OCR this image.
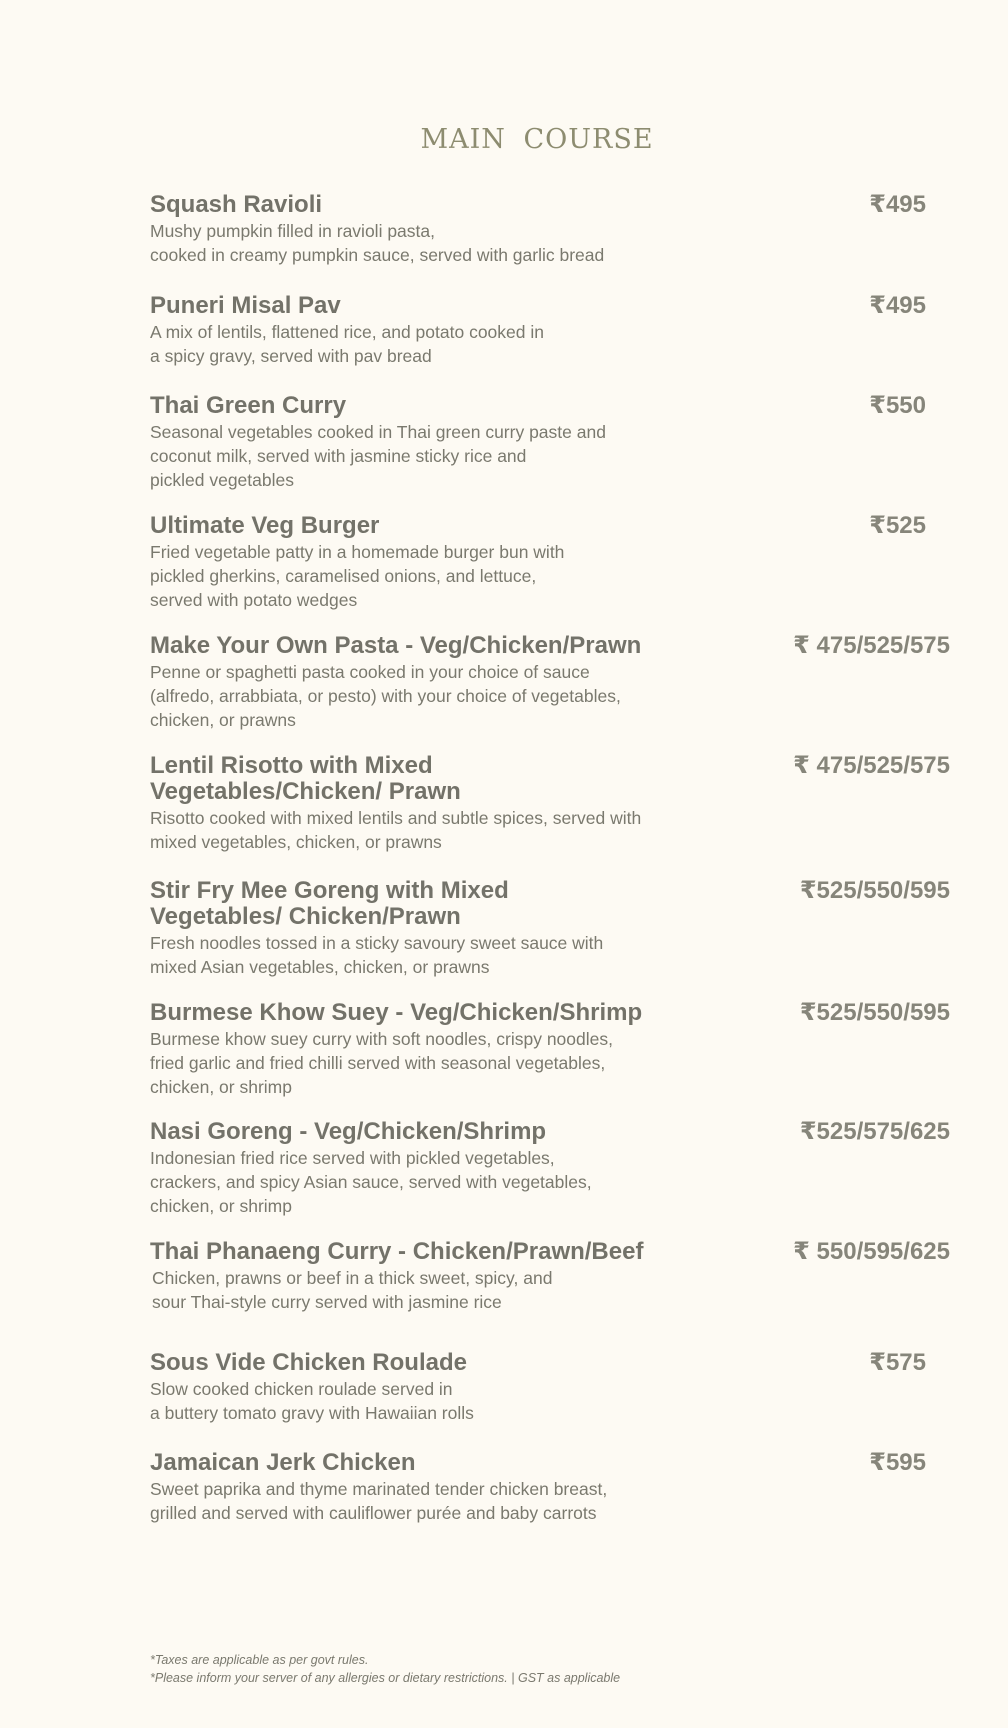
MAIN COURSE
Squash Ravioli
Mushy pumpkin filled in ravioli pasta,
cooked in creamy pumpkin sauce, served with garlic bread
₹495
Puneri Misal Pav
A mix of lentils, flattened rice, and potato cooked in
a spicy gravy, served with pav bread
₹495
Thai Green Curry
Seasonal vegetables cooked in Thai green curry paste and
coconut milk, served with jasmine sticky rice and
pickled vegetables
₹550
Ultimate Veg Burger
Fried vegetable patty in a homemade burger bun with
pickled gherkins, caramelised onions, and lettuce,
served with potato wedges
₹525
Make Your Own Pasta - Veg/Chicken/Prawn
Penne or spaghetti pasta cooked in your choice of sauce
(alfredo, arrabbiata, or pesto) with your choice of vegetables,
chicken, or prawns
₹ 475/525/575
Lentil Risotto with Mixed Vegetables/Chicken/ Prawn
Risotto cooked with mixed lentils and subtle spices, served with
mixed vegetables, chicken, or prawns
₹ 475/525/575
Stir Fry Mee Goreng with Mixed Vegetables/ Chicken/Prawn
Fresh noodles tossed in a sticky savoury sweet sauce with
mixed Asian vegetables, chicken, or prawns
₹525/550/595
Burmese Khow Suey - Veg/Chicken/Shrimp
Burmese khow suey curry with soft noodles, crispy noodles,
fried garlic and fried chilli served with seasonal vegetables,
chicken, or shrimp
₹525/550/595
Nasi Goreng - Veg/Chicken/Shrimp
Indonesian fried rice served with pickled vegetables,
crackers, and spicy Asian sauce, served with vegetables,
chicken, or shrimp
₹525/575/625
Thai Phanaeng Curry - Chicken/Prawn/Beef
Chicken, prawns or beef in a thick sweet, spicy, and
sour Thai-style curry served with jasmine rice
₹ 550/595/625
Sous Vide Chicken Roulade
Slow cooked chicken roulade served in
a buttery tomato gravy with Hawaiian rolls
₹575
Jamaican Jerk Chicken
Sweet paprika and thyme marinated tender chicken breast,
grilled and served with cauliflower purée and baby carrots
₹595
*Taxes are applicable as per govt rules.
*Please inform your server of any allergies or dietary restrictions. | GST as applicable
